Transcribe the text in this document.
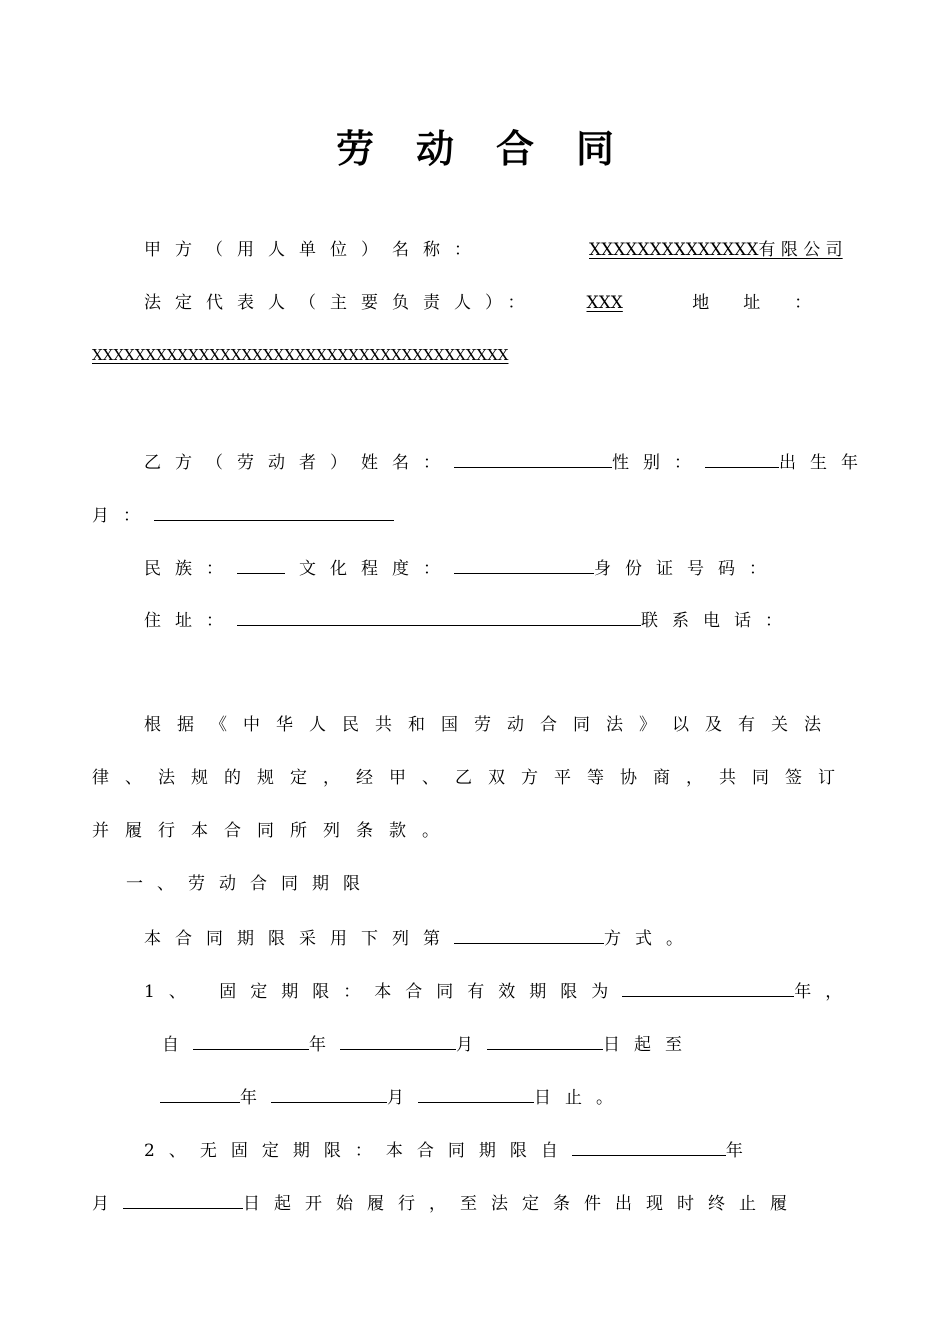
劳动合同
甲方（用人单位）名称：	XXXXXXXXXXXXXX有 限 公 司
法定代表人（主要负责人）：	XXX	地址：
XXXXXXXXXXXXXXXXXXXXXXXXXXXXXXXXXXXXXXX
乙方（劳动者）姓名：	性别：	出生年
月：
民族：	文化程度：	身份证号码：
住址：	联系电话：
根据《中华人民共和国劳动合同法》以及有关法
律、法规的规定，经甲、乙双方平等协商，共同签订
并履行本合同所列条款。
一、劳动合同期限
本合同期限采用下列第	方式。
1、 固定期限：本合同有效期限为	年，
自	年	月	日起至
年	月	日止。
2、无固定期限：本合同期限自	年
月	日起开始履行，至法定条件出现时终止履
